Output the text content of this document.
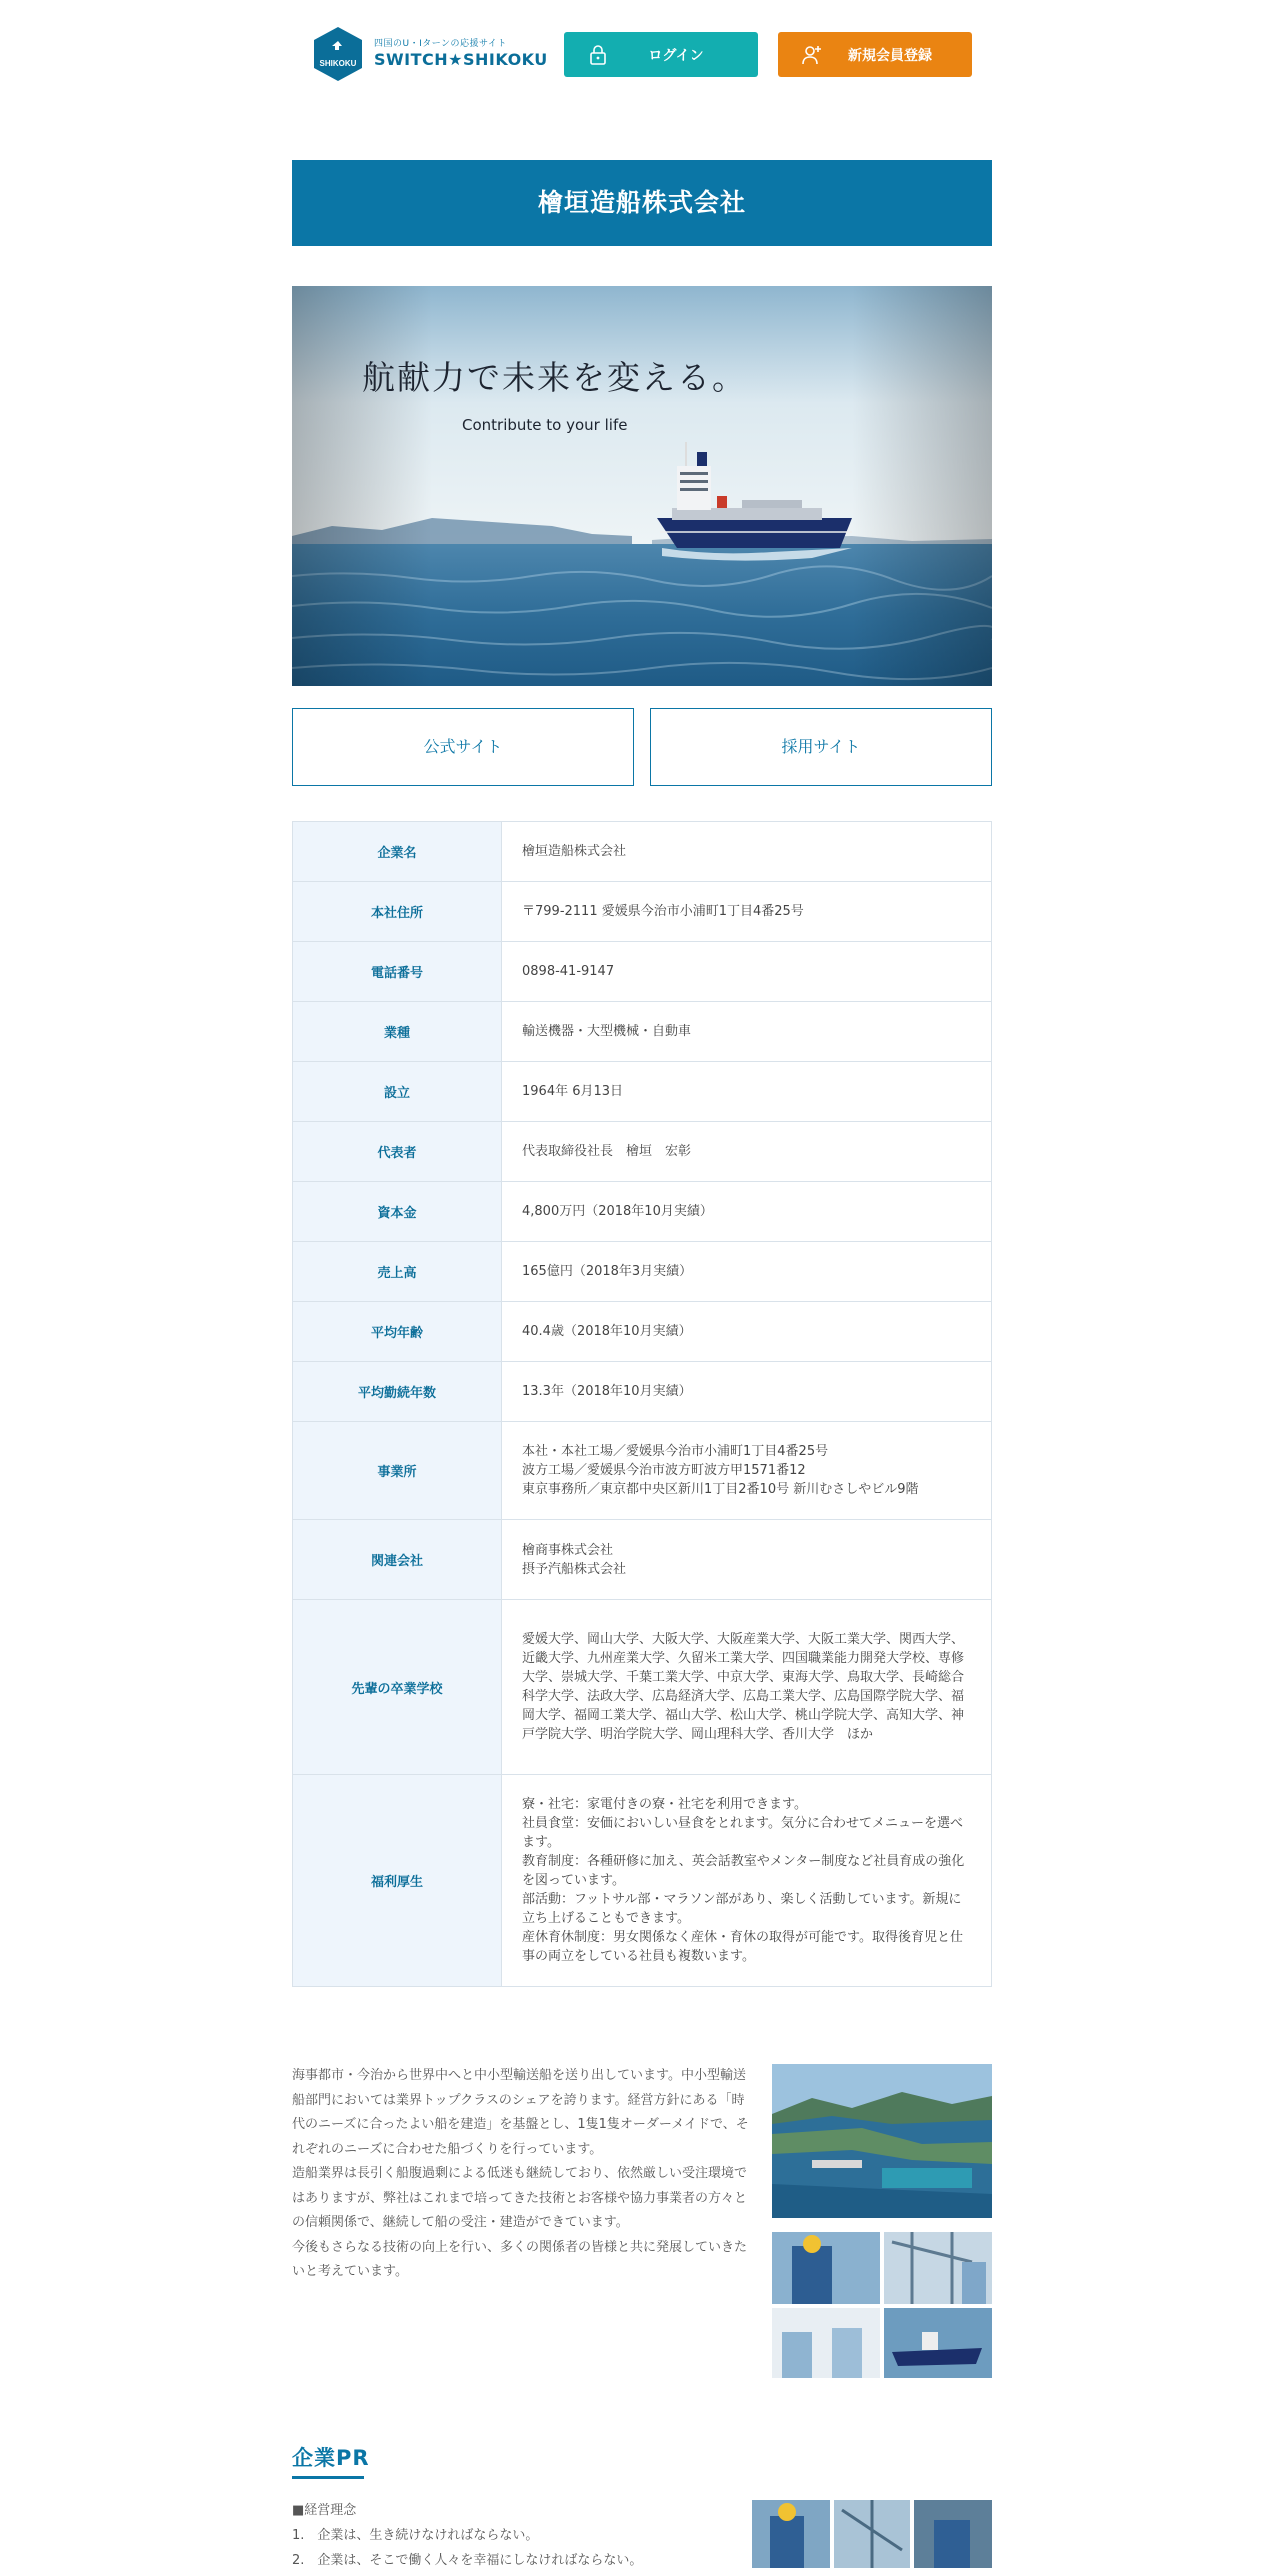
SHIKOKU
四国のU・Iターンの応援サイト
SWITCH★SHIKOKU	ログイン	新規会員登録
檜垣造船株式会社
航献力で未来を変える。
Contribute to your life
公式サイト	採用サイト
企業名	檜垣造船株式会社
本社住所	〒799-2111 愛媛県今治市小浦町1丁目4番25号
電話番号	0898-41-9147
業種	輸送機器・大型機械・自動車
設立	1964年 6月13日
代表者	代表取締役社長　檜垣　宏彰
資本金	4,800万円（2018年10月実績）
売上高	165億円（2018年3月実績）
平均年齢	40.4歳（2018年10月実績）
平均勤続年数	13.3年（2018年10月実績）
事業所	本社・本社工場／愛媛県今治市小浦町1丁目4番25号
波方工場／愛媛県今治市波方町波方甲1571番12
東京事務所／東京都中央区新川1丁目2番10号 新川むさしやビル9階
関連会社	檜商事株式会社
摂予汽船株式会社
先輩の卒業学校	愛媛大学、岡山大学、大阪大学、大阪産業大学、大阪工業大学、関西大学、近畿大学、九州産業大学、久留米工業大学、四国職業能力開発大学校、専修大学、崇城大学、千葉工業大学、中京大学、東海大学、鳥取大学、長崎総合科学大学、法政大学、広島経済大学、広島工業大学、広島国際学院大学、福岡大学、福岡工業大学、福山大学、松山大学、桃山学院大学、高知大学、神戸学院大学、明治学院大学、岡山理科大学、香川大学　ほか
福利厚生	寮・社宅：家電付きの寮・社宅を利用できます。
社員食堂：安価においしい昼食をとれます。気分に合わせてメニューを選べます。
教育制度：各種研修に加え、英会話教室やメンター制度など社員育成の強化を図っています。
部活動：フットサル部・マラソン部があり、楽しく活動しています。新規に立ち上げることもできます。
産休育休制度：男女関係なく産休・育休の取得が可能です。取得後育児と仕事の両立をしている社員も複数います。
海事都市・今治から世界中へと中小型輸送船を送り出しています。中小型輸送船部門においては業界トップクラスのシェアを誇ります。経営方針にある「時代のニーズに合ったよい船を建造」を基盤とし、1隻1隻オーダーメイドで、それぞれのニーズに合わせた船づくりを行っています。
造船業界は長引く船腹過剰による低迷も継続しており、依然厳しい受注環境ではありますが、弊社はこれまで培ってきた技術とお客様や協力事業者の方々との信頼関係で、継続して船の受注・建造ができています。
今後もさらなる技術の向上を行い、多くの関係者の皆様と共に発展していきたいと考えています。
企業PR
■経営理念
1.　企業は、生き続けなければならない。
2.　企業は、そこで働く人々を幸福にしなければならない。
